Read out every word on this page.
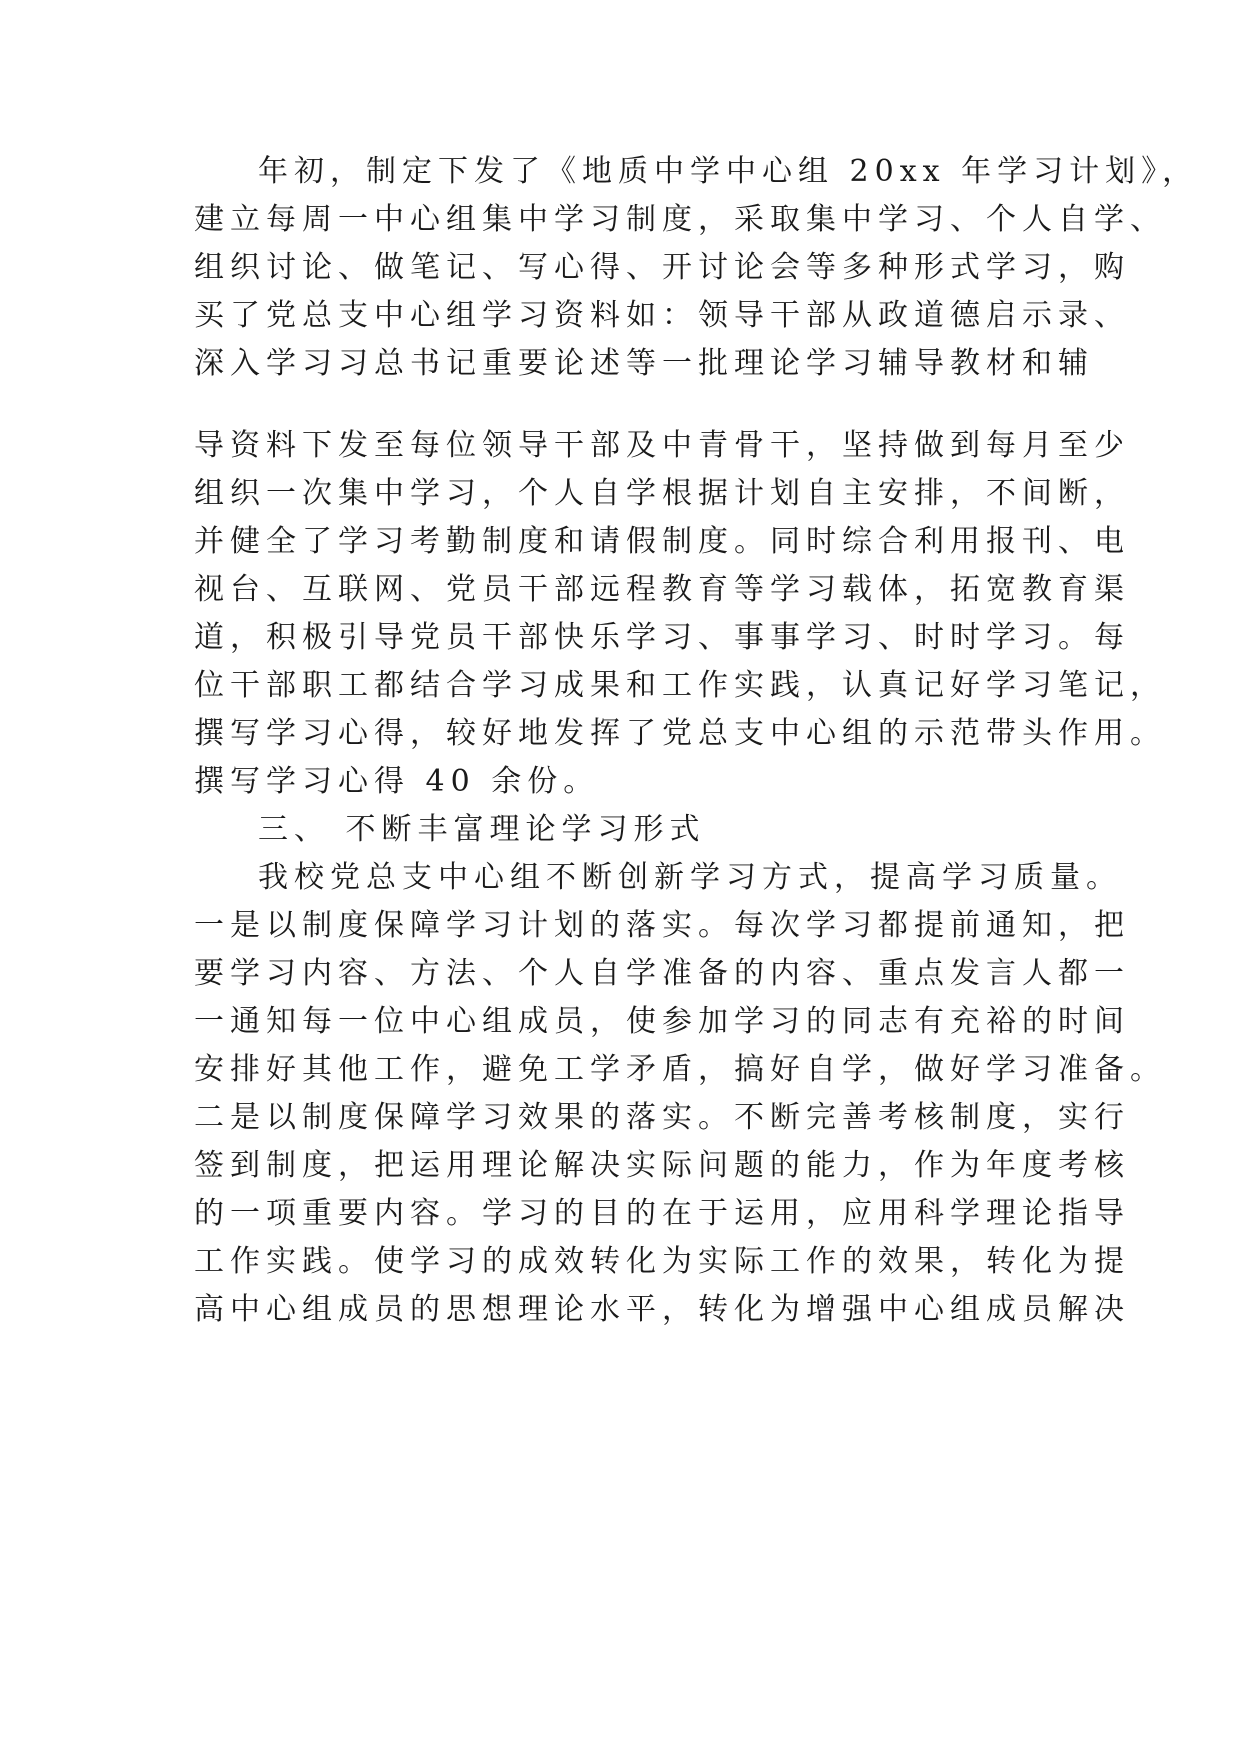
年初，制定下发了《地质中学中心组 20xx 年学习计划》，
建立每周一中心组集中学习制度，采取集中学习、个人自学、
组织讨论、做笔记、写心得、开讨论会等多种形式学习，购
买了党总支中心组学习资料如：领导干部从政道德启示录、
深入学习习总书记重要论述等一批理论学习辅导教材和辅
导资料下发至每位领导干部及中青骨干，坚持做到每月至少
组织一次集中学习，个人自学根据计划自主安排，不间断，
并健全了学习考勤制度和请假制度。同时综合利用报刊、电
视台、互联网、党员干部远程教育等学习载体，拓宽教育渠
道，积极引导党员干部快乐学习、事事学习、时时学习。每
位干部职工都结合学习成果和工作实践，认真记好学习笔记，
撰写学习心得，较好地发挥了党总支中心组的示范带头作用。
撰写学习心得 40 余份。
三、 不断丰富理论学习形式
我校党总支中心组不断创新学习方式，提高学习质量。
一是以制度保障学习计划的落实。每次学习都提前通知，把
要学习内容、方法、个人自学准备的内容、重点发言人都一
一通知每一位中心组成员，使参加学习的同志有充裕的时间
安排好其他工作，避免工学矛盾，搞好自学，做好学习准备。
二是以制度保障学习效果的落实。不断完善考核制度，实行
签到制度，把运用理论解决实际问题的能力，作为年度考核
的一项重要内容。学习的目的在于运用，应用科学理论指导
工作实践。使学习的成效转化为实际工作的效果，转化为提
高中心组成员的思想理论水平，转化为增强中心组成员解决
